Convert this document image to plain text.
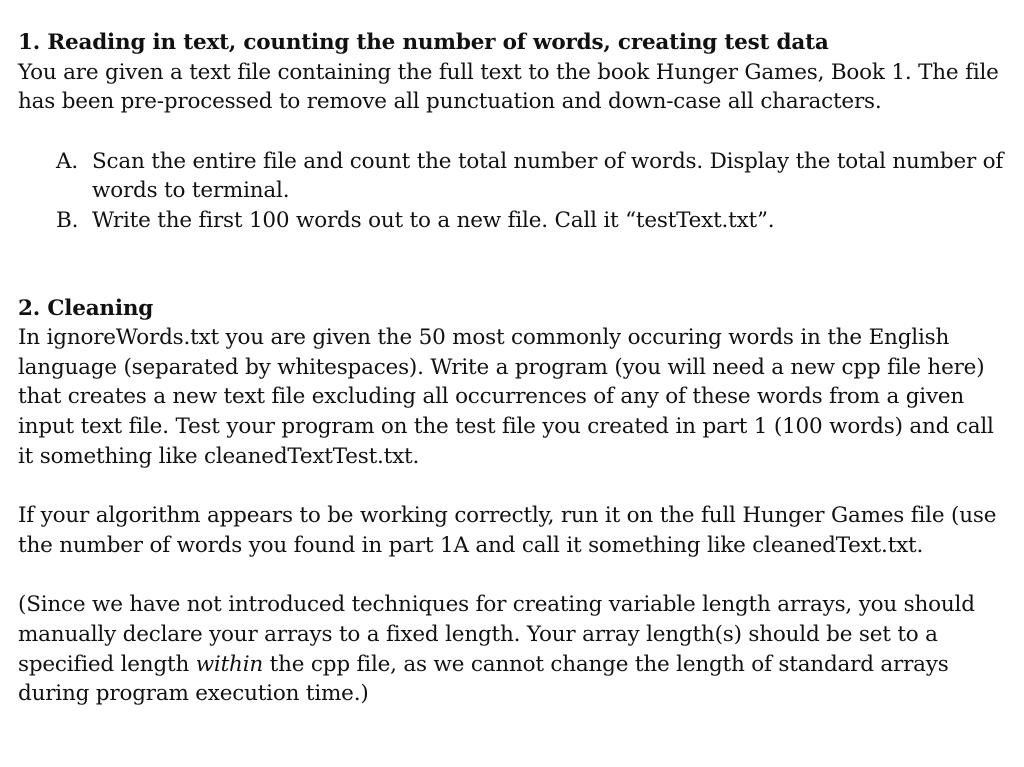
1. Reading in text, counting the number of words, creating test data
You are given a text file containing the full text to the book Hunger Games, Book 1. The file
has been pre-processed to remove all punctuation and down-case all characters.
A. Scan the entire file and count the total number of words. Display the total number of
words to terminal.
B. Write the first 100 words out to a new file. Call it “testText.txt”.
2. Cleaning
In ignoreWords.txt you are given the 50 most commonly occuring words in the English
language (separated by whitespaces). Write a program (you will need a new cpp file here)
that creates a new text file excluding all occurrences of any of these words from a given
input text file. Test your program on the test file you created in part 1 (100 words) and call
it something like cleanedTextTest.txt.
If your algorithm appears to be working correctly, run it on the full Hunger Games file (use
the number of words you found in part 1A and call it something like cleanedText.txt.
(Since we have not introduced techniques for creating variable length arrays, you should
manually declare your arrays to a fixed length. Your array length(s) should be set to a
specified length within the cpp file, as we cannot change the length of standard arrays
during program execution time.)
